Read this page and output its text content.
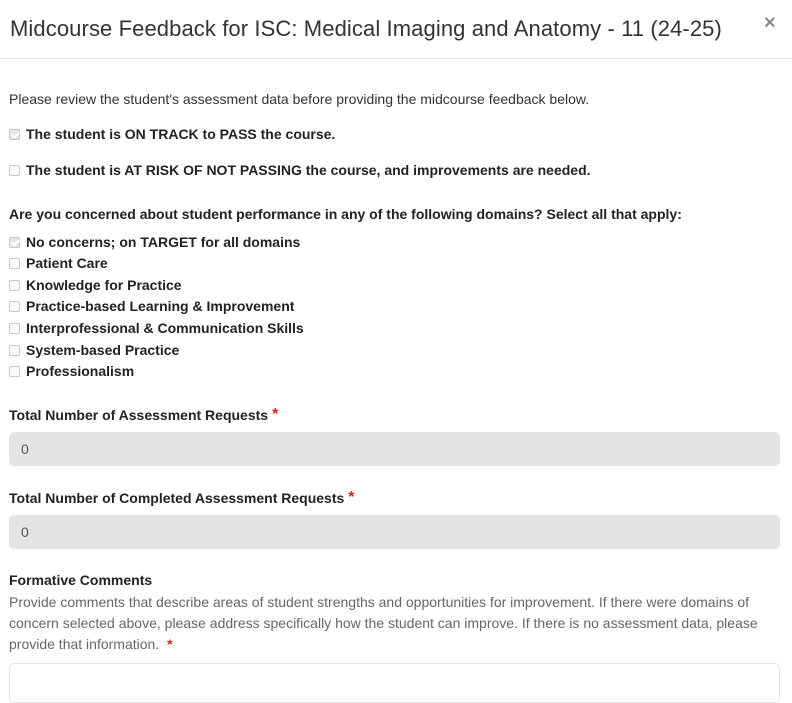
Midcourse Feedback for ISC: Medical Imaging and Anatomy - 11 (24-25) ×
Please review the student's assessment data before providing the midcourse feedback below.
The student is ON TRACK to PASS the course.
The student is AT RISK OF NOT PASSING the course, and improvements are needed.
Are you concerned about student performance in any of the following domains? Select all that apply:
No concerns; on TARGET for all domains
Patient Care
Knowledge for Practice
Practice-based Learning & Improvement
Interprofessional & Communication Skills
System-based Practice
Professionalism
Total Number of Assessment Requests *
0
Total Number of Completed Assessment Requests *
0
Formative Comments
Provide comments that describe areas of student strengths and opportunities for improvement. If there were domains of concern selected above, please address specifically how the student can improve. If there is no assessment data, please provide that information. *
